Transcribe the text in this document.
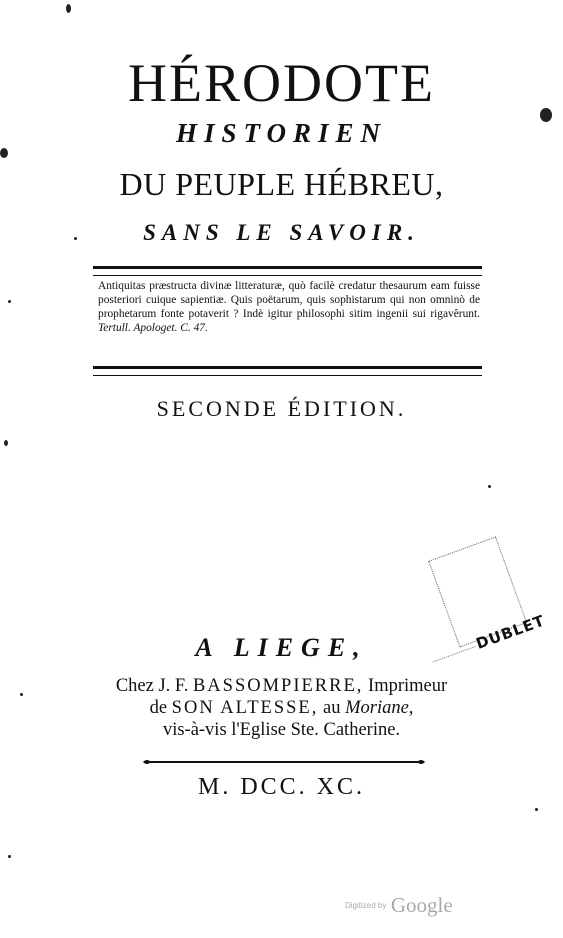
HÉRODOTE
HISTORIEN
DU PEUPLE HÉBREU,
SANS LE SAVOIR.
Antiquitas præstructa divinæ litteraturæ, quò facilè credatur thesaurum eam fuisse posteriori cuique sapientiæ. Quis poëtarum, quis sophistarum qui non omninò de prophetarum fonte potaverit ? Indè igitur philosophi sitim ingenii sui rigavêrunt. Tertull. Apologet. C. 47.
SECONDE ÉDITION.
DUBLET
A LIEGE,
Chez J. F. BASSOMPIERRE, Imprimeur
de SON ALTESSE, au Moriane,
vis-à-vis l'Eglise Ste. Catherine.
M. DCC. XC.
Digitized by Google
